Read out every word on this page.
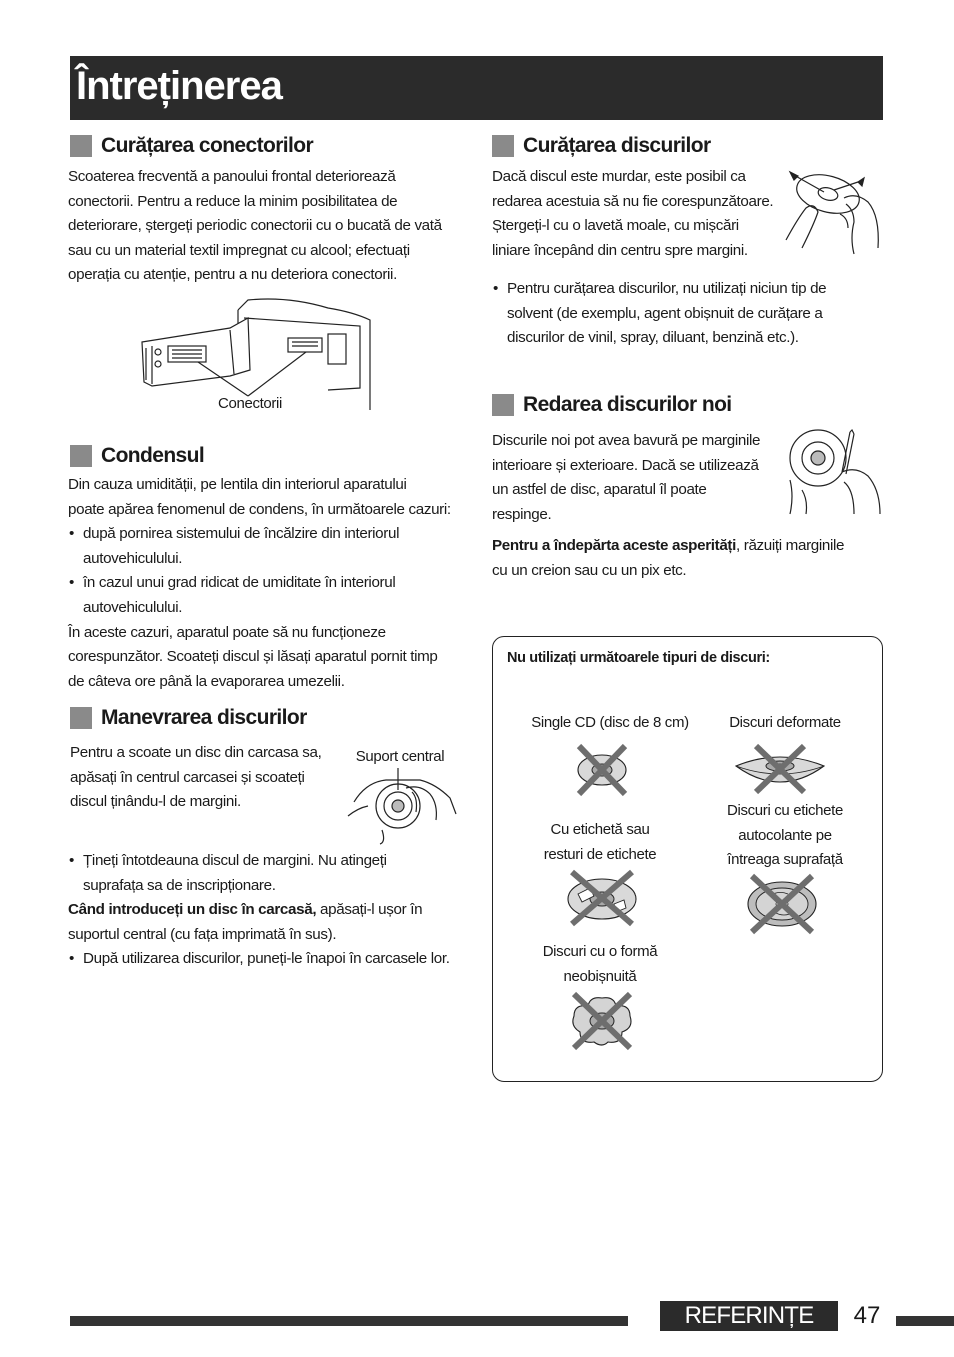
Întreținerea
Curățarea conectorilor
Scoaterea frecventă a panoului frontal deteriorează
conectorii. Pentru a reduce la minim posibilitatea de
deteriorare, ștergeți periodic conectorii cu o bucată de vată
sau cu un material textil impregnat cu alcool; efectuați
operația cu atenție, pentru a nu deteriora conectorii.
Conectorii
Condensul
Din cauza umidității, pe lentila din interiorul aparatului
poate apărea fenomenul de condens, în următoarele cazuri:
• după pornirea sistemului de încălzire din interiorul
autovehiculului.
• în cazul unui grad ridicat de umiditate în interiorul
autovehiculului.
În aceste cazuri, aparatul poate să nu funcționeze
corespunzător. Scoateți discul și lăsați aparatul pornit timp
de câteva ore până la evaporarea umezelii.
Manevrarea discurilor
Pentru a scoate un disc din carcasa sa,
apăsați în centrul carcasei și scoateți
discul ținându-l de margini.
Suport central
• Țineți întotdeauna discul de margini. Nu atingeți
suprafața sa de inscripționare.
Când introduceți un disc în carcasă, apăsați-l ușor în
suportul central (cu fața imprimată în sus).
• După utilizarea discurilor, puneți-le înapoi în carcasele lor.
Curățarea discurilor
Dacă discul este murdar, este posibil ca
redarea acestuia să nu fie corespunzătoare.
Ștergeți-l cu o lavetă moale, cu mișcări
liniare începând din centru spre margini.
• Pentru curățarea discurilor, nu utilizați niciun tip de
solvent (de exemplu, agent obișnuit de curățare a
discurilor de vinil, spray, diluant, benzină etc.).
Redarea discurilor noi
Discurile noi pot avea bavură pe marginile
interioare și exterioare. Dacă se utilizează
un astfel de disc, aparatul îl poate
respinge.
Pentru a îndepărta aceste asperități, răzuiți marginile
cu un creion sau cu un pix etc.
Nu utilizați următoarele tipuri de discuri:
Single CD (disc de 8 cm)	Discuri deformate
Cu etichetă sau
resturi de etichete
Discuri cu etichete
autocolante pe
întreaga suprafață
Discuri cu o formă
neobișnuită
REFERINȚE	47
